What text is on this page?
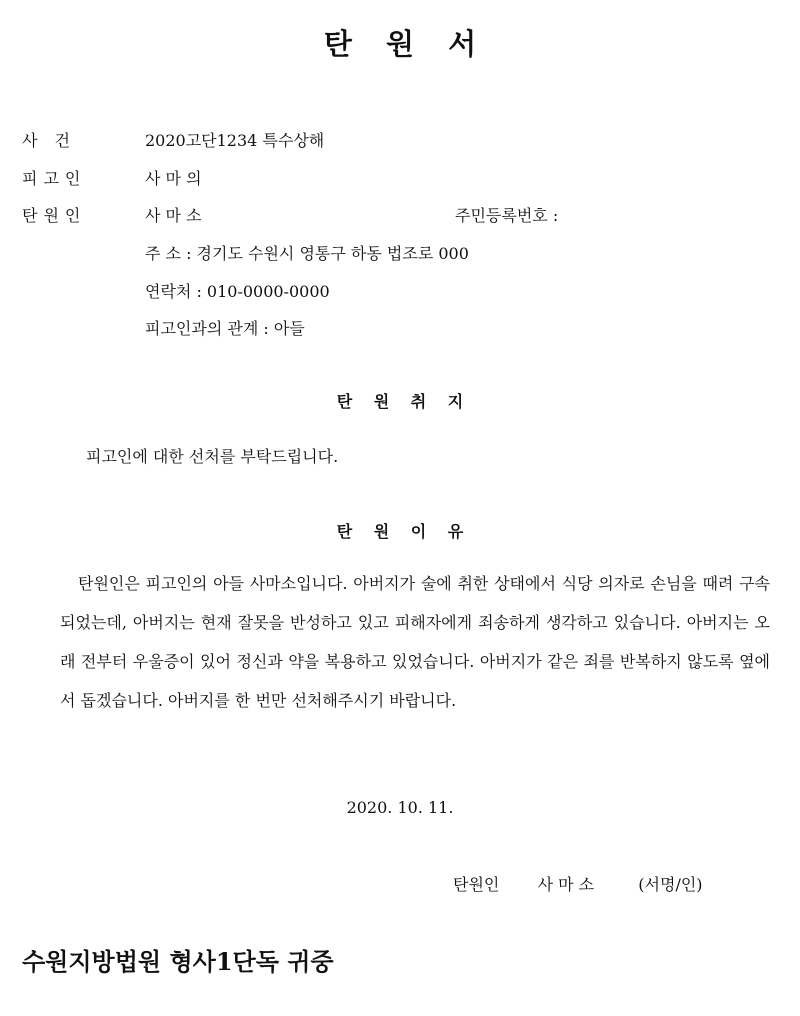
탄 원 서
사 건	2020고단1234 특수상해
피고인	사 마 의
탄원인	사 마 소	주민등록번호 :
주 소 : 경기도 수원시 영통구 하동 법조로 000
연락처 : 010-0000-0000
피고인과의 관계 : 아들
탄 원 취 지
피고인에 대한 선처를 부탁드립니다.
탄 원 이 유
탄원인은 피고인의 아들 사마소입니다. 아버지가 술에 취한 상태에서 식당 의자로 손님을 때려 구속되었는데, 아버지는 현재 잘못을 반성하고 있고 피해자에게 죄송하게 생각하고 있습니다. 아버지는 오래 전부터 우울증이 있어 정신과 약을 복용하고 있었습니다. 아버지가 같은 죄를 반복하지 않도록 옆에서 돕겠습니다. 아버지를 한 번만 선처해주시기 바랍니다.
2020. 10. 11.
탄원인 사 마 소	(서명/인)
수원지방법원 형사1단독 귀중
